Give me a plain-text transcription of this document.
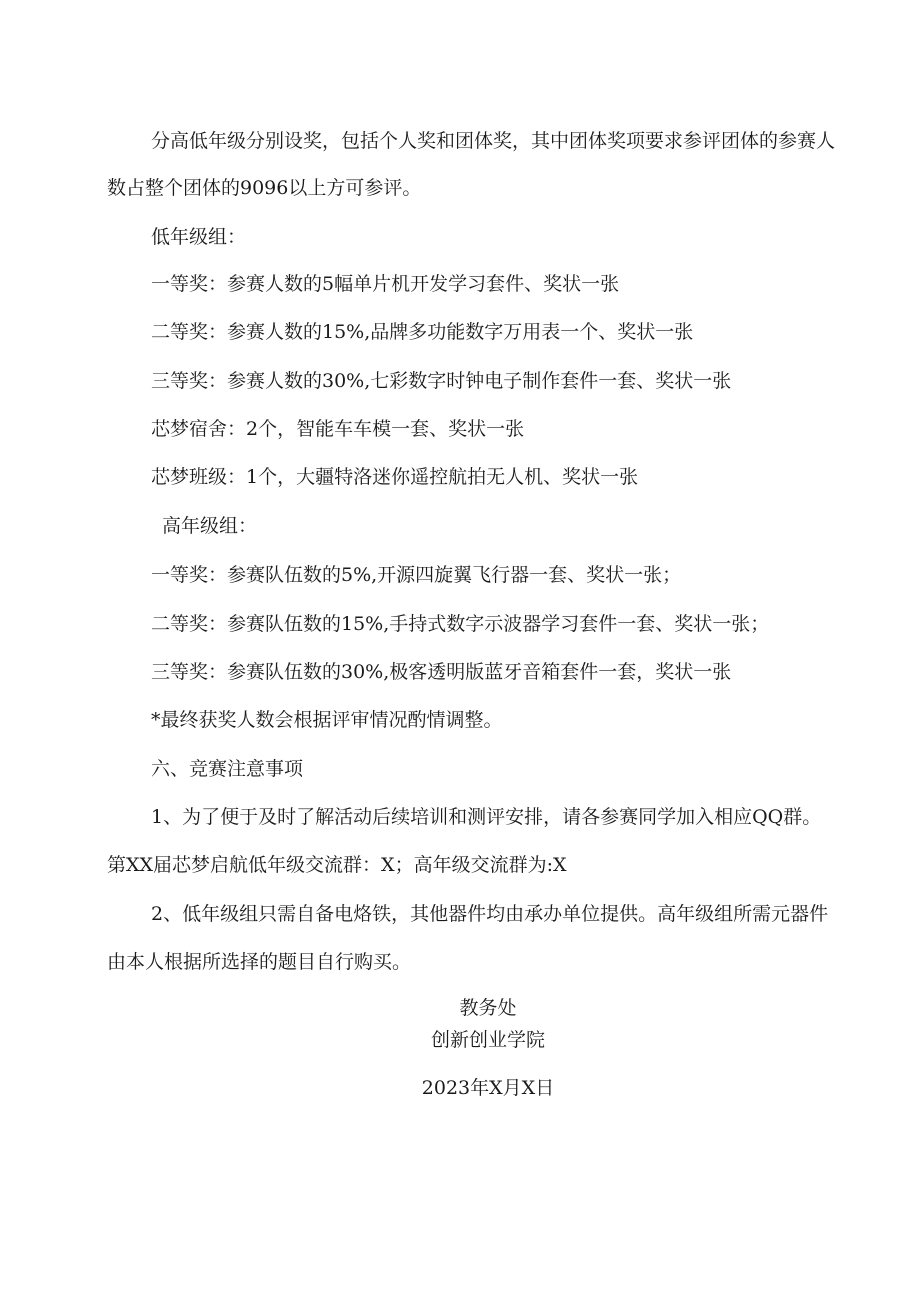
分高低年级分别设奖，包括个人奖和团体奖，其中团体奖项要求参评团体的参赛人
数占整个团体的9096以上方可参评。
低年级组：
一等奖：参赛人数的5幅单片机开发学习套件、奖状一张
二等奖：参赛人数的15%,品牌多功能数字万用表一个、奖状一张
三等奖：参赛人数的30%,七彩数字时钟电子制作套件一套、奖状一张
芯梦宿舍：2个，智能车车模一套、奖状一张
芯梦班级：1个，大疆特洛迷你遥控航拍无人机、奖状一张
高年级组：
一等奖：参赛队伍数的5%,开源四旋翼飞行器一套、奖状一张；
二等奖：参赛队伍数的15%,手持式数字示波器学习套件一套、奖状一张；
三等奖：参赛队伍数的30%,极客透明版蓝牙音箱套件一套，奖状一张
*最终获奖人数会根据评审情况酌情调整。
六、竞赛注意事项
1、为了便于及时了解活动后续培训和测评安排，请各参赛同学加入相应QQ群。
第XX届芯梦启航低年级交流群：X；高年级交流群为:X
2、低年级组只需自备电烙铁，其他器件均由承办单位提供。高年级组所需元器件
由本人根据所选择的题目自行购买。
教务处
创新创业学院
2023年X月X日
